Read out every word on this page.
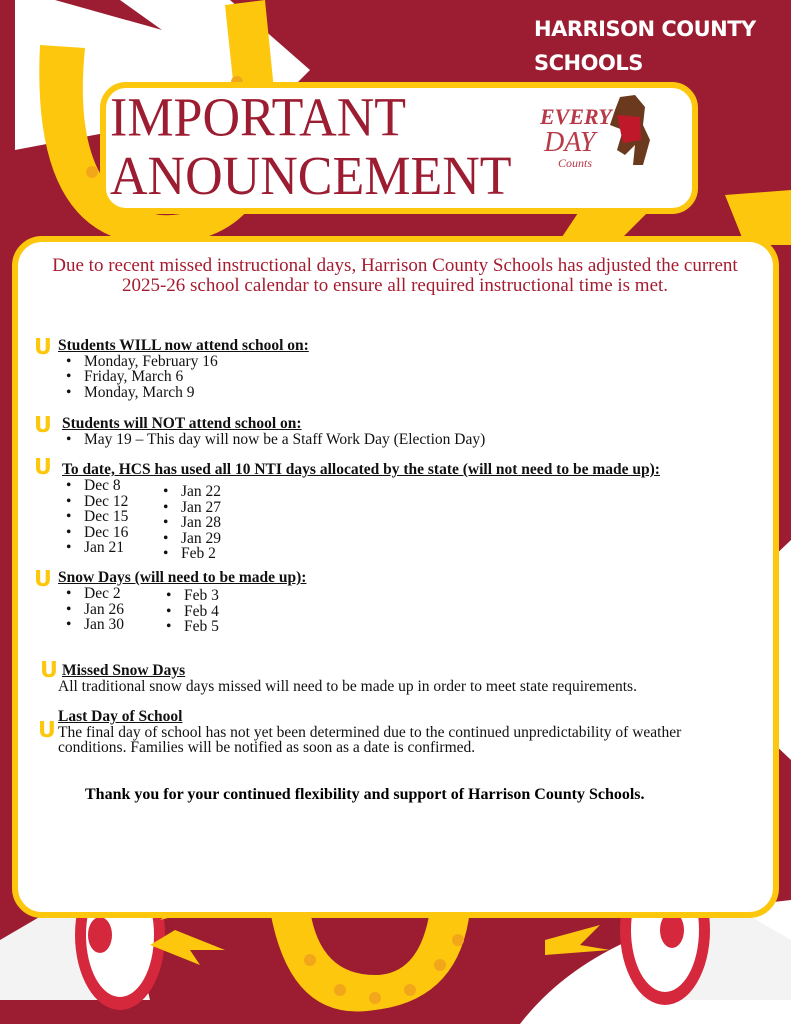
HARRISON COUNTY
SCHOOLS
IMPORTANT
ANOUNCEMENT
EVERY
DAY
Counts
Due to recent missed instructional days, Harrison County Schools has adjusted the current 2025-26 school calendar to ensure all required instructional time is met.
ᑌ Students WILL now attend school on:
• Monday, February 16
• Friday, March 6
• Monday, March 9
ᑌ Students will NOT attend school on:
• May 19 – This day will now be a Staff Work Day (Election Day)
ᑌ To date, HCS has used all 10 NTI days allocated by the state (will not need to be made up):
• Dec 8
• Dec 12
• Dec 15
• Dec 16
• Jan 21
• Jan 22
• Jan 27
• Jan 28
• Jan 29
• Feb 2
ᑌ Snow Days (will need to be made up):
• Dec 2
• Jan 26
• Jan 30
• Feb 3
• Feb 4
• Feb 5
ᑌ Missed Snow Days
All traditional snow days missed will need to be made up in order to meet state requirements.
ᑌ
Last Day of School
The final day of school has not yet been determined due to the continued unpredictability of weather conditions. Families will be notified as soon as a date is confirmed.
Thank you for your continued flexibility and support of Harrison County Schools.
